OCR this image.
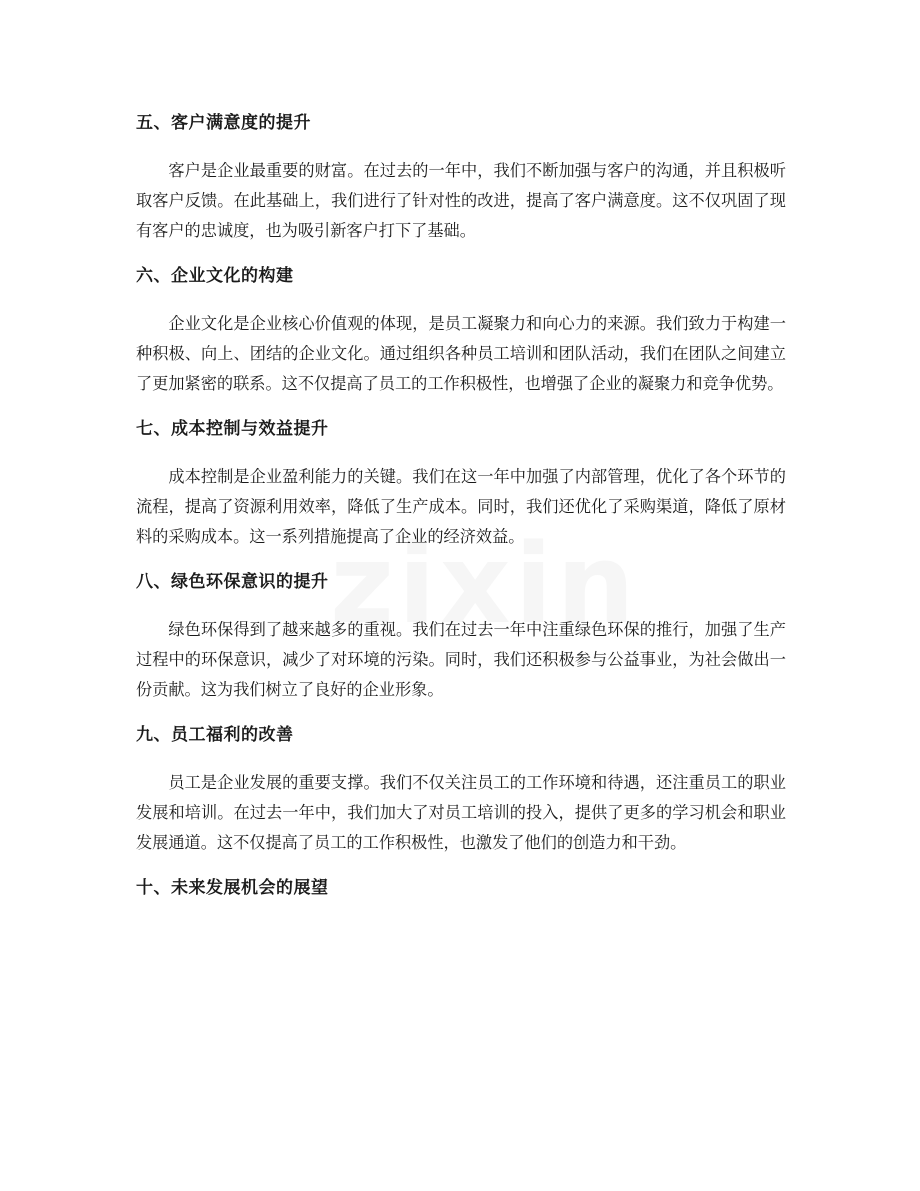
五、客户满意度的提升

客户是企业最重要的财富。在过去的一年中，我们不断加强与客户的沟通，并且积极听取客户反馈。在此基础上，我们进行了针对性的改进，提高了客户满意度。这不仅巩固了现有客户的忠诚度，也为吸引新客户打下了基础。

六、企业文化的构建

企业文化是企业核心价值观的体现，是员工凝聚力和向心力的来源。我们致力于构建一种积极、向上、团结的企业文化。通过组织各种员工培训和团队活动，我们在团队之间建立了更加紧密的联系。这不仅提高了员工的工作积极性，也增强了企业的凝聚力和竞争优势。

七、成本控制与效益提升

成本控制是企业盈利能力的关键。我们在这一年中加强了内部管理，优化了各个环节的流程，提高了资源利用效率，降低了生产成本。同时，我们还优化了采购渠道，降低了原材料的采购成本。这一系列措施提高了企业的经济效益。

八、绿色环保意识的提升

绿色环保得到了越来越多的重视。我们在过去一年中注重绿色环保的推行，加强了生产过程中的环保意识，减少了对环境的污染。同时，我们还积极参与公益事业，为社会做出一份贡献。这为我们树立了良好的企业形象。

九、员工福利的改善

员工是企业发展的重要支撑。我们不仅关注员工的工作环境和待遇，还注重员工的职业发展和培训。在过去一年中，我们加大了对员工培训的投入，提供了更多的学习机会和职业发展通道。这不仅提高了员工的工作积极性，也激发了他们的创造力和干劲。

十、未来发展机会的展望
